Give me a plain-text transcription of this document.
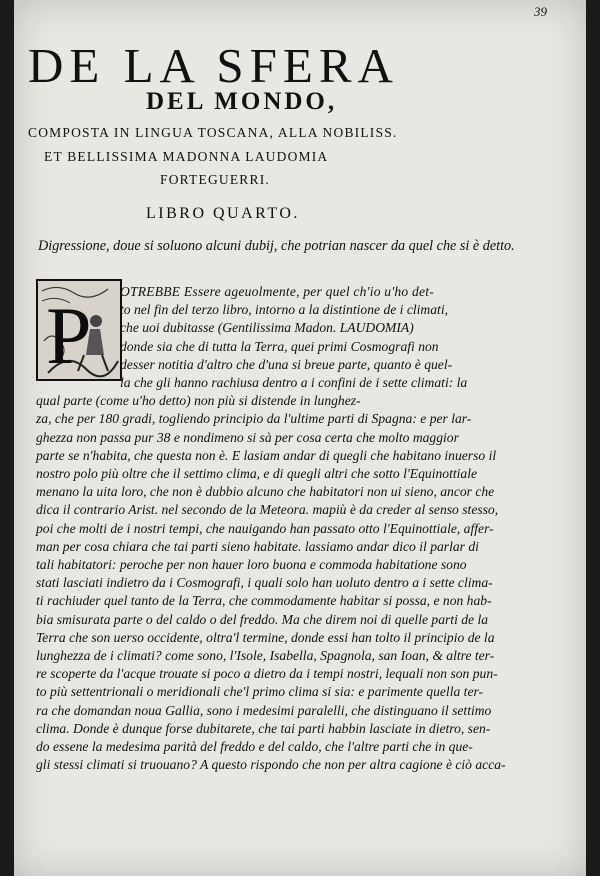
39
DE LA SFERA
DEL MONDO,
COMPOSTA IN LINGUA TOSCANA, ALLA NOBILISS.
ET BELLISSIMA MADONNA LAUDOMIA
FORTEGUERRI.
LIBRO QUARTO.
Digressione, doue si soluono alcuni dubij, che potrian nascer da quel che si è detto.
P OTREBBE Essere ageuolmente, per quel ch'io u'ho det-
to nel fin del terzo libro, intorno a la distintione de i climati,
che uoi dubitasse (Gentilissima Madon. LAUDOMIA)
donde sia che di tutta la Terra, quei primi Cosmografi non
desser notitia d'altro che d'una si breue parte, quanto è quel-
la che gli hanno rachiusa dentro a i confini de i sette climati: la
qual parte (come u'ho detto) non più si distende in lunghez-
za, che per 180 gradi, togliendo principio da l'ultime parti di Spagna: e per lar-
ghezza non passa pur 38 e nondimeno si sà per cosa certa che molto maggior
parte se n'habita, che questa non è. E lasiam andar di quegli che habitano inuerso il
nostro polo più oltre che il settimo clima, e di quegli altri che sotto l'Equinottiale
menano la uita loro, che non è dubbio alcuno che habitatori non ui sieno, ancor che
dica il contrario Arist. nel secondo de la Meteora. mapiù è da creder al senso stesso,
poi che molti de i nostri tempi, che nauigando han passato otto l'Equinottiale, affer-
man per cosa chiara che tai parti sieno habitate. lassiamo andar dico il parlar di
tali habitatori: peroche per non hauer loro buona e commoda habitatione sono
stati lasciati indietro da i Cosmografi, i quali solo han uoluto dentro a i sette clima-
ti rachiuder quel tanto de la Terra, che commodamente habitar si possa, e non hab-
bia smisurata parte o del caldo o del freddo. Ma che direm noi di quelle parti de la
Terra che son uerso occidente, oltra'l termine, donde essi han tolto il principio de la
lunghezza de i climati? come sono, l'Isole, Isabella, Spagnola, san Ioan, & altre ter-
re scoperte da l'acque trouate si poco a dietro da i tempi nostri, lequali non son pun-
to più settentrionali o meridionali che'l primo clima si sia: e parimente quella ter-
ra che domandan noua Gallia, sono i medesimi paralelli, che distinguano il settimo
clima. Donde è dunque forse dubitarete, che tai parti habbin lasciate in dietro, sen-
do essene la medesima parità del freddo e del caldo, che l'altre parti che in que-
gli stessi climati si truouano? A questo rispondo che non per altra cagione è ciò acca-
